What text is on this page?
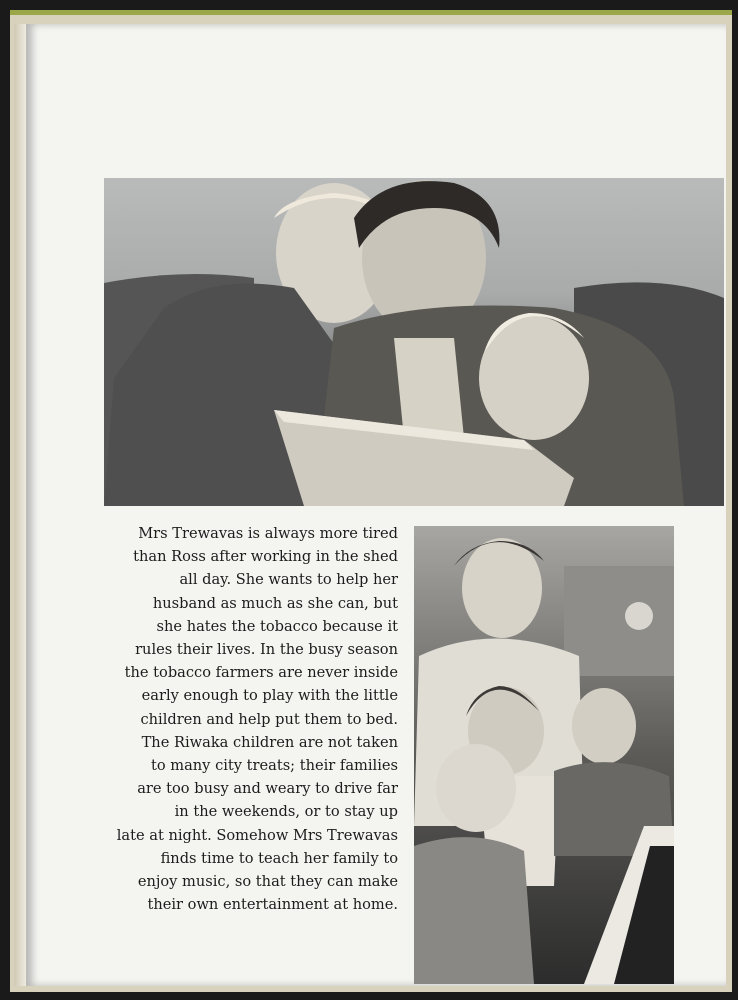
Mrs Trewavas is always more tired
than Ross after working in the shed
all day. She wants to help her
husband as much as she can, but
she hates the tobacco because it
rules their lives. In the busy season
the tobacco farmers are never inside
early enough to play with the little
children and help put them to bed.
The Riwaka children are not taken
to many city treats; their families
are too busy and weary to drive far
in the weekends, or to stay up
late at night. Somehow Mrs Trewavas
finds time to teach her family to
enjoy music, so that they can make
their own entertainment at home.
